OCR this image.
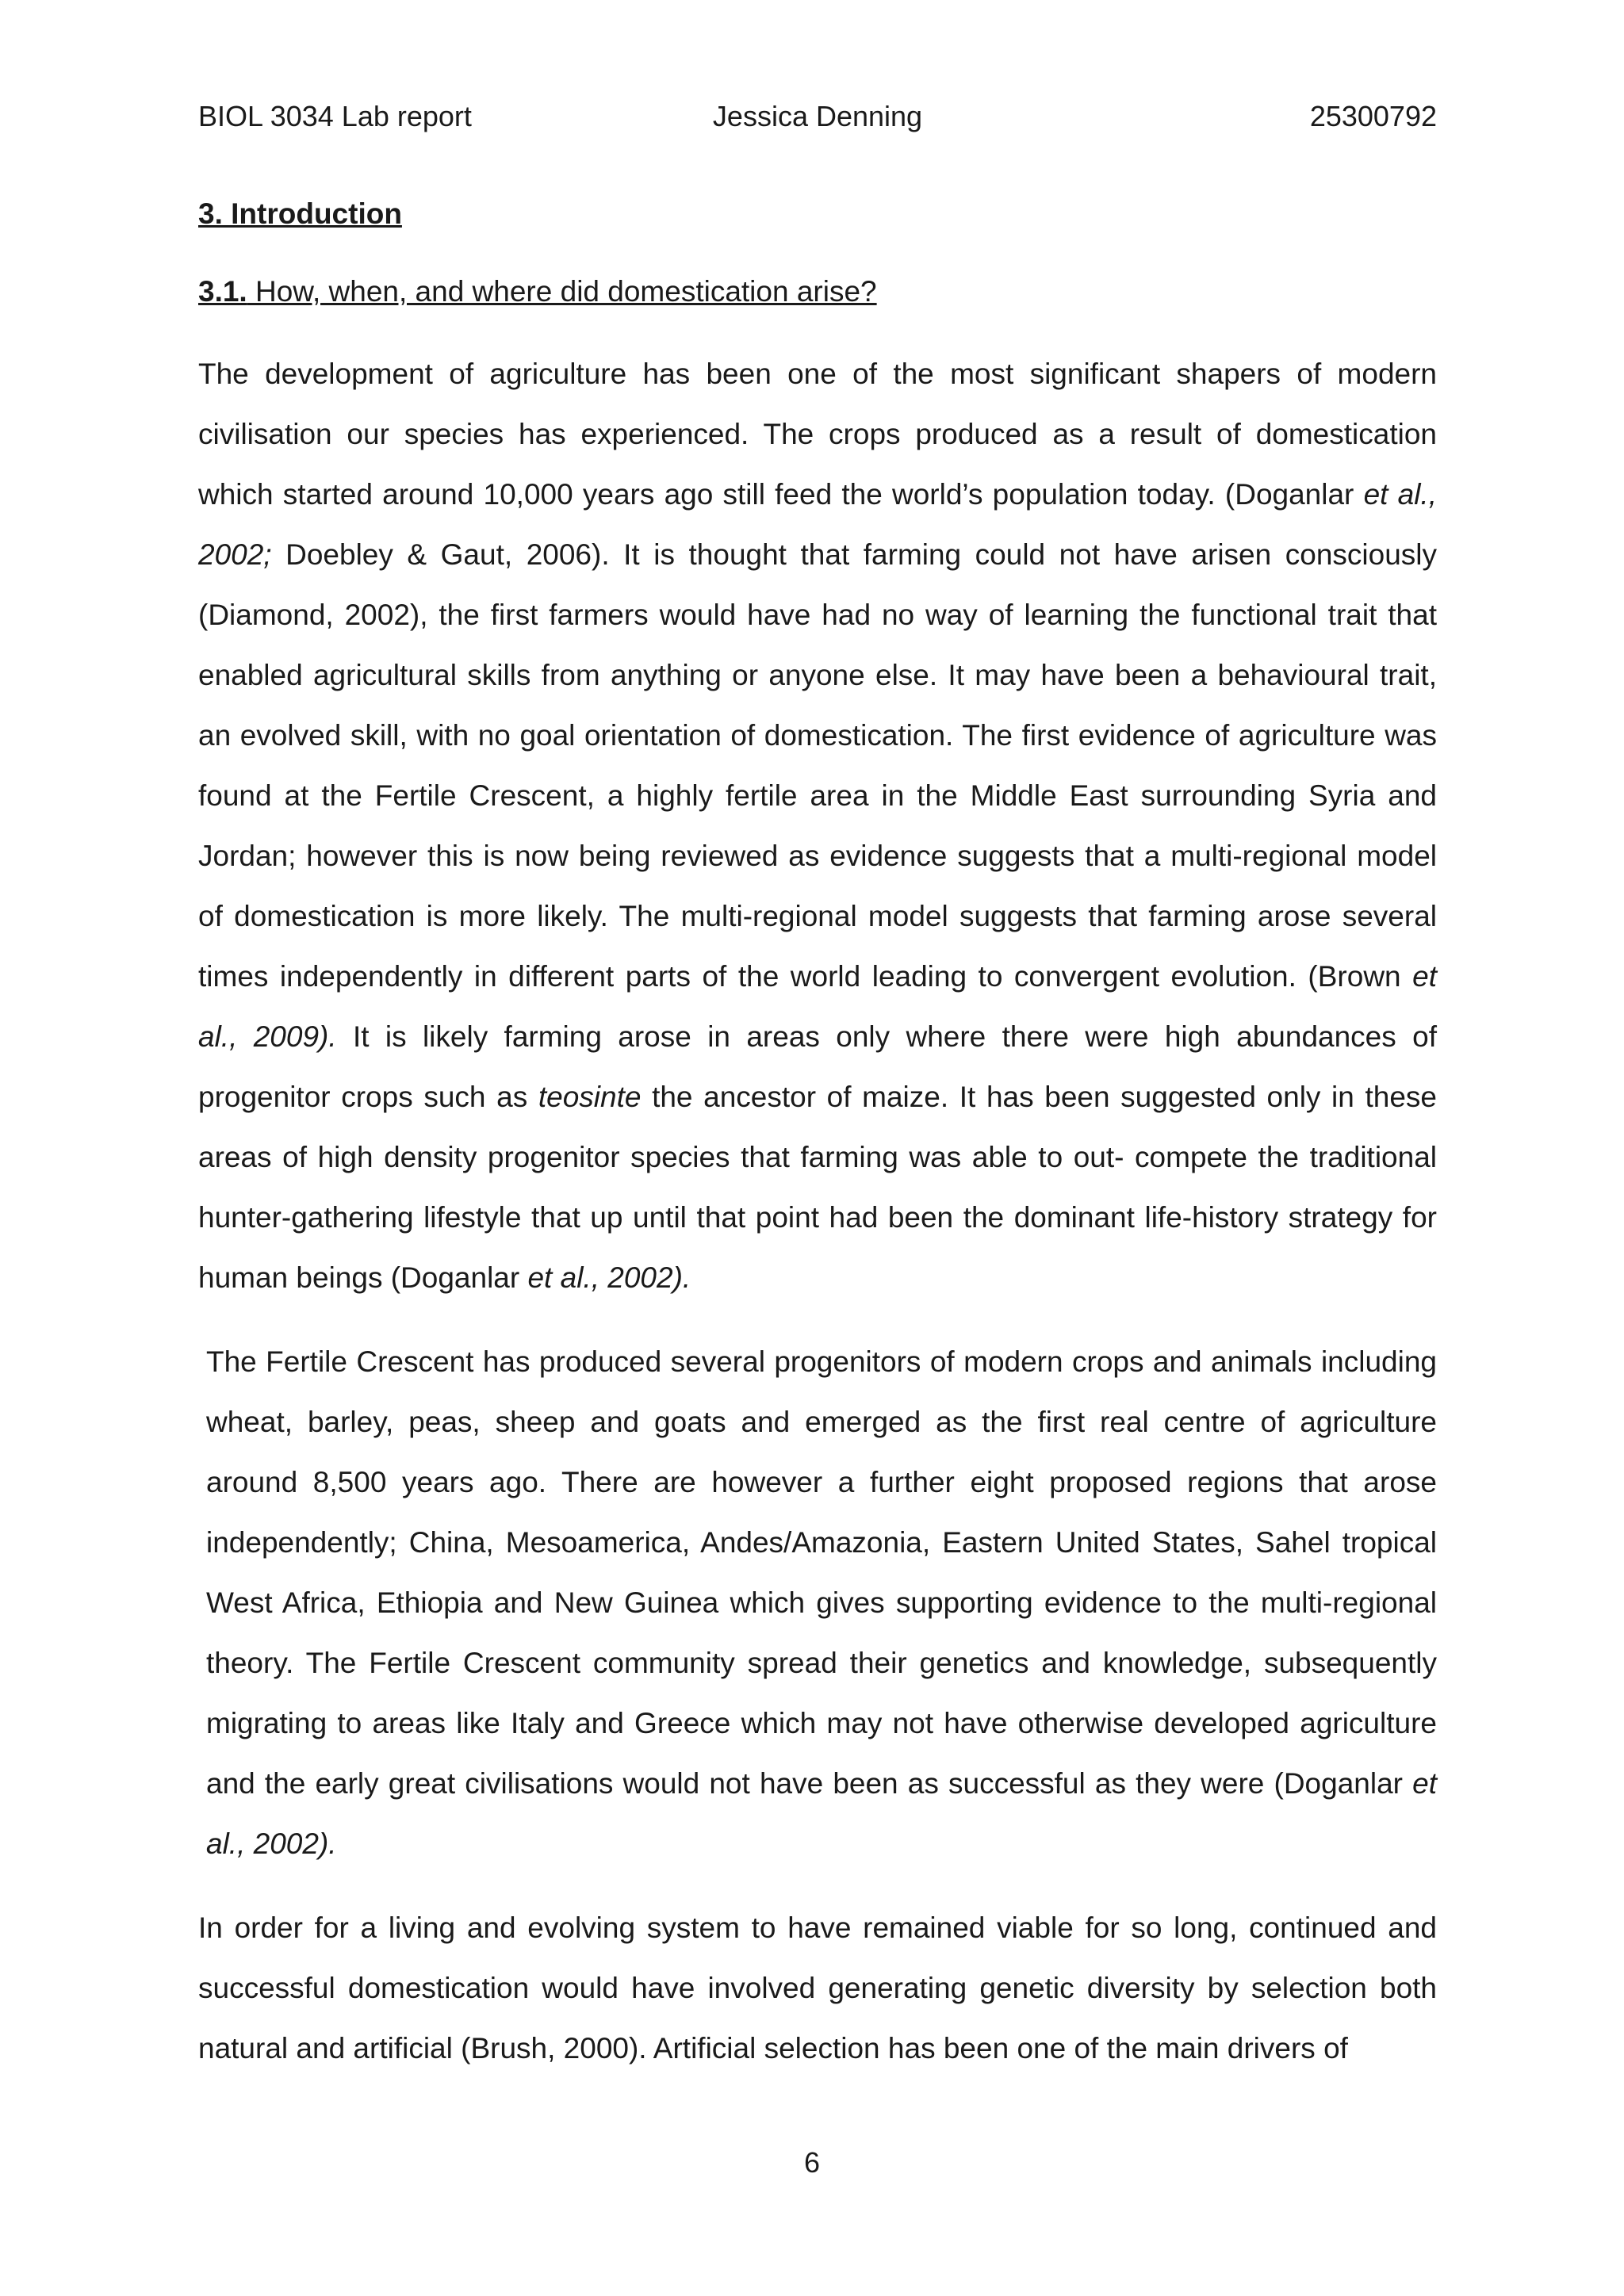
BIOL 3034 Lab report	Jessica Denning	25300792
3. Introduction
3.1. How, when, and where did domestication arise?

The development of agriculture has been one of the most significant shapers of modern civilisation our species has experienced. The crops produced as a result of domestication which started around 10,000 years ago still feed the world’s population today. (Doganlar et al., 2002; Doebley & Gaut, 2006). It is thought that farming could not have arisen consciously (Diamond, 2002), the first farmers would have had no way of learning the functional trait that enabled agricultural skills from anything or anyone else. It may have been a behavioural trait, an evolved skill, with no goal orientation of domestication. The first evidence of agriculture was found at the Fertile Crescent, a highly fertile area in the Middle East surrounding Syria and Jordan; however this is now being reviewed as evidence suggests that a multi-regional model of domestication is more likely. The multi-regional model suggests that farming arose several times independently in different parts of the world leading to convergent evolution. (Brown et al., 2009). It is likely farming arose in areas only where there were high abundances of progenitor crops such as teosinte the ancestor of maize. It has been suggested only in these areas of high density progenitor species that farming was able to out- compete the traditional hunter-gathering lifestyle that up until that point had been the dominant life-history strategy for human beings (Doganlar et al., 2002).

The Fertile Crescent has produced several progenitors of modern crops and animals including wheat, barley, peas, sheep and goats and emerged as the first real centre of agriculture around 8,500 years ago. There are however a further eight proposed regions that arose independently; China, Mesoamerica, Andes/Amazonia, Eastern United States, Sahel tropical West Africa, Ethiopia and New Guinea which gives supporting evidence to the multi-regional theory. The Fertile Crescent community spread their genetics and knowledge, subsequently migrating to areas like Italy and Greece which may not have otherwise developed agriculture and the early great civilisations would not have been as successful as they were (Doganlar et al., 2002).

In order for a living and evolving system to have remained viable for so long, continued and successful domestication would have involved generating genetic diversity by selection both natural and artificial (Brush, 2000). Artificial selection has been one of the main drivers of

6
